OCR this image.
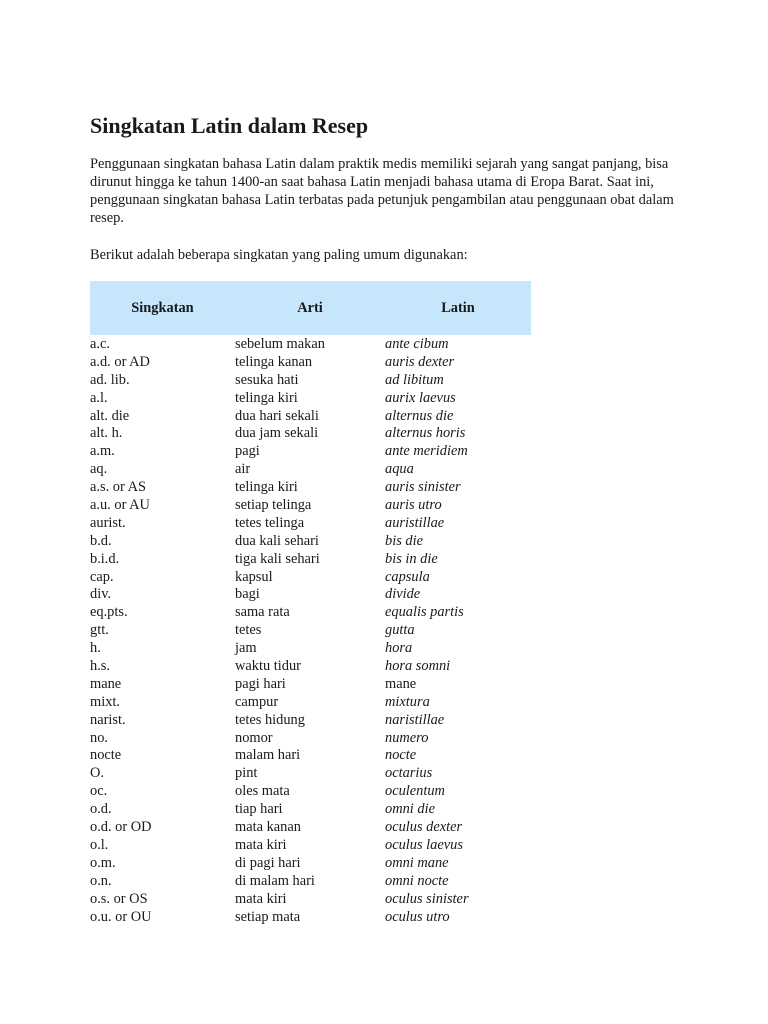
Singkatan Latin dalam Resep

Penggunaan singkatan bahasa Latin dalam praktik medis memiliki sejarah yang sangat panjang, bisa dirunut hingga ke tahun 1400-an saat bahasa Latin menjadi bahasa utama di Eropa Barat. Saat ini, penggunaan singkatan bahasa Latin terbatas pada petunjuk pengambilan atau penggunaan obat dalam resep.

Berikut adalah beberapa singkatan yang paling umum digunakan:

Singkatan	Arti	Latin
a.c.	sebelum makan	ante cibum
a.d. or AD	telinga kanan	auris dexter
ad. lib.	sesuka hati	ad libitum
a.l.	telinga kiri	aurix laevus
alt. die	dua hari sekali	alternus die
alt. h.	dua jam sekali	alternus horis
a.m.	pagi	ante meridiem
aq.	air	aqua
a.s. or AS	telinga kiri	auris sinister
a.u. or AU	setiap telinga	auris utro
aurist.	tetes telinga	auristillae
b.d.	dua kali sehari	bis die
b.i.d.	tiga kali sehari	bis in die
cap.	kapsul	capsula
div.	bagi	divide
eq.pts.	sama rata	equalis partis
gtt.	tetes	gutta
h.	jam	hora
h.s.	waktu tidur	hora somni
mane	pagi hari	mane
mixt.	campur	mixtura
narist.	tetes hidung	naristillae
no.	nomor	numero
nocte	malam hari	nocte
O.	pint	octarius
oc.	oles mata	oculentum
o.d.	tiap hari	omni die
o.d. or OD	mata kanan	oculus dexter
o.l.	mata kiri	oculus laevus
o.m.	di pagi hari	omni mane
o.n.	di malam hari	omni nocte
o.s. or OS	mata kiri	oculus sinister
o.u. or OU	setiap mata	oculus utro
